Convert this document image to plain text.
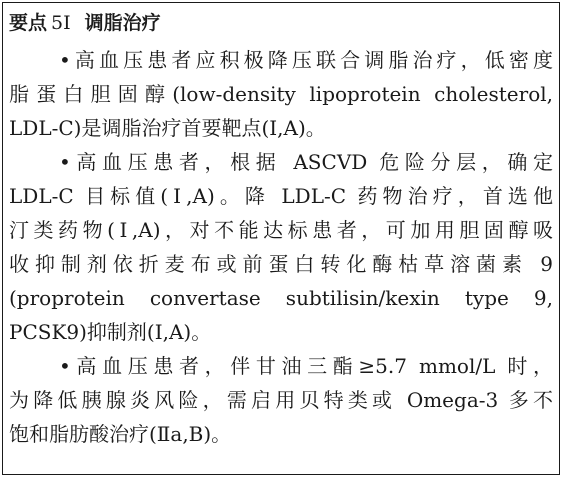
要点 5I 调脂治疗
•高血压患者应积极降压联合调脂治疗，低密度
脂蛋白胆固醇(low-density lipoprotein cholesterol,
LDL-C)是调脂治疗首要靶点(Ⅰ,A)。
•高血压患者，根据 ASCVD 危险分层，确定
LDL-C 目标值(Ⅰ,A)。降 LDL-C 药物治疗，首选他
汀类药物(Ⅰ,A)，对不能达标患者，可加用胆固醇吸
收抑制剂依折麦布或前蛋白转化酶枯草溶菌素 9
(proprotein convertase subtilisin/kexin type 9,
PCSK9)抑制剂(Ⅰ,A)。
•高血压患者，伴甘油三酯≥5.7 mmol/L 时，
为降低胰腺炎风险，需启用贝特类或 Omega-3 多不
饱和脂肪酸治疗(Ⅱa,B)。
